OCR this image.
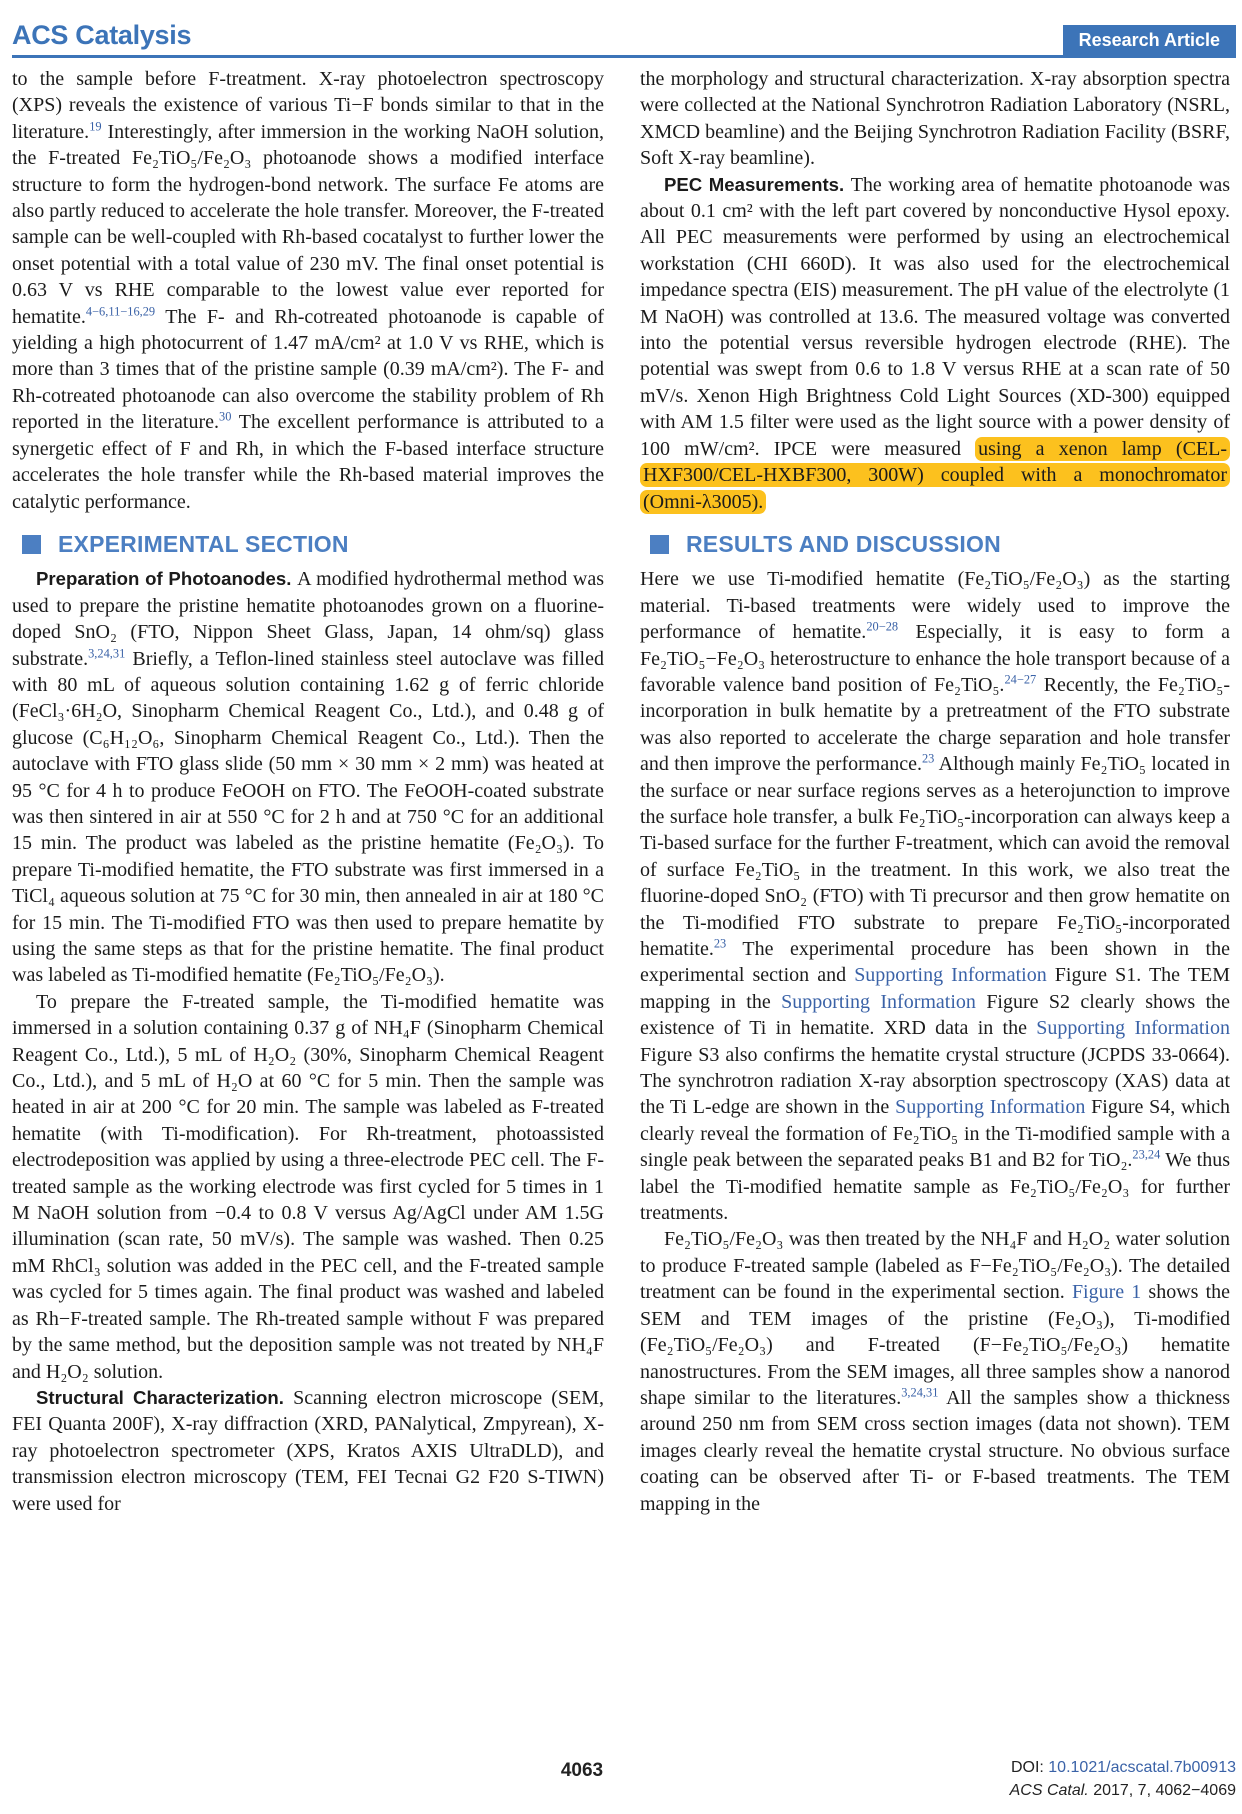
ACS Catalysis	Research Article

to the sample before F-treatment. X-ray photoelectron spectroscopy (XPS) reveals the existence of various Ti−F bonds similar to that in the literature.$^{19}$ Interestingly, after immersion in the working NaOH solution, the F-treated Fe₂TiO₅/Fe₂O₃ photoanode shows a modified interface structure to form the hydrogen-bond network. The surface Fe atoms are also partly reduced to accelerate the hole transfer. Moreover, the F-treated sample can be well-coupled with Rh-based cocatalyst to further lower the onset potential with a total value of 230 mV. The final onset potential is 0.63 V vs RHE comparable to the lowest value ever reported for hematite.$^{4-6,11-16,29}$ The F- and Rh-cotreated photoanode is capable of yielding a high photocurrent of 1.47 mA/cm² at 1.0 V vs RHE, which is more than 3 times that of the pristine sample (0.39 mA/cm²). The F- and Rh-cotreated photoanode can also overcome the stability problem of Rh reported in the literature.$^{30}$ The excellent performance is attributed to a synergetic effect of F and Rh, in which the F-based interface structure accelerates the hole transfer while the Rh-based material improves the catalytic performance.

EXPERIMENTAL SECTION

Preparation of Photoanodes. A modified hydrothermal method was used to prepare the pristine hematite photoanodes grown on a fluorine-doped SnO₂ (FTO, Nippon Sheet Glass, Japan, 14 ohm/sq) glass substrate.$^{3,24,31}$ Briefly, a Teflon-lined stainless steel autoclave was filled with 80 mL of aqueous solution containing 1.62 g of ferric chloride (FeCl₃·6H₂O, Sinopharm Chemical Reagent Co., Ltd.), and 0.48 g of glucose (C₆H₁₂O₆, Sinopharm Chemical Reagent Co., Ltd.). Then the autoclave with FTO glass slide (50 mm × 30 mm × 2 mm) was heated at 95 °C for 4 h to produce FeOOH on FTO. The FeOOH-coated substrate was then sintered in air at 550 °C for 2 h and at 750 °C for an additional 15 min. The product was labeled as the pristine hematite (Fe₂O₃). To prepare Ti-modified hematite, the FTO substrate was first immersed in a TiCl₄ aqueous solution at 75 °C for 30 min, then annealed in air at 180 °C for 15 min. The Ti-modified FTO was then used to prepare hematite by using the same steps as that for the pristine hematite. The final product was labeled as Ti-modified hematite (Fe₂TiO₅/Fe₂O₃).

To prepare the F-treated sample, the Ti-modified hematite was immersed in a solution containing 0.37 g of NH₄F (Sinopharm Chemical Reagent Co., Ltd.), 5 mL of H₂O₂ (30%, Sinopharm Chemical Reagent Co., Ltd.), and 5 mL of H₂O at 60 °C for 5 min. Then the sample was heated in air at 200 °C for 20 min. The sample was labeled as F-treated hematite (with Ti-modification). For Rh-treatment, photoassisted electrodeposition was applied by using a three-electrode PEC cell. The F-treated sample as the working electrode was first cycled for 5 times in 1 M NaOH solution from −0.4 to 0.8 V versus Ag/AgCl under AM 1.5G illumination (scan rate, 50 mV/s). The sample was washed. Then 0.25 mM RhCl₃ solution was added in the PEC cell, and the F-treated sample was cycled for 5 times again. The final product was washed and labeled as Rh−F-treated sample. The Rh-treated sample without F was prepared by the same method, but the deposition sample was not treated by NH₄F and H₂O₂ solution.

Structural Characterization. Scanning electron microscope (SEM, FEI Quanta 200F), X-ray diffraction (XRD, PANalytical, Zmpyrean), X-ray photoelectron spectrometer (XPS, Kratos AXIS UltraDLD), and transmission electron microscopy (TEM, FEI Tecnai G2 F20 S-TIWN) were used for

the morphology and structural characterization. X-ray absorption spectra were collected at the National Synchrotron Radiation Laboratory (NSRL, XMCD beamline) and the Beijing Synchrotron Radiation Facility (BSRF, Soft X-ray beamline).

PEC Measurements. The working area of hematite photoanode was about 0.1 cm² with the left part covered by nonconductive Hysol epoxy. All PEC measurements were performed by using an electrochemical workstation (CHI 660D). It was also used for the electrochemical impedance spectra (EIS) measurement. The pH value of the electrolyte (1 M NaOH) was controlled at 13.6. The measured voltage was converted into the potential versus reversible hydrogen electrode (RHE). The potential was swept from 0.6 to 1.8 V versus RHE at a scan rate of 50 mV/s. Xenon High Brightness Cold Light Sources (XD-300) equipped with AM 1.5 filter were used as the light source with a power density of 100 mW/cm². IPCE were measured using a xenon lamp (CEL-HXF300/CEL-HXBF300, 300W) coupled with a monochromator (Omni-λ3005).

RESULTS AND DISCUSSION

Here we use Ti-modified hematite (Fe₂TiO₅/Fe₂O₃) as the starting material. Ti-based treatments were widely used to improve the performance of hematite.$^{20-28}$ Especially, it is easy to form a Fe₂TiO₅−Fe₂O₃ heterostructure to enhance the hole transport because of a favorable valence band position of Fe₂TiO₅.$^{24-27}$ Recently, the Fe₂TiO₅-incorporation in bulk hematite by a pretreatment of the FTO substrate was also reported to accelerate the charge separation and hole transfer and then improve the performance.$^{23}$ Although mainly Fe₂TiO₅ located in the surface or near surface regions serves as a heterojunction to improve the surface hole transfer, a bulk Fe₂TiO₅-incorporation can always keep a Ti-based surface for the further F-treatment, which can avoid the removal of surface Fe₂TiO₅ in the treatment. In this work, we also treat the fluorine-doped SnO₂ (FTO) with Ti precursor and then grow hematite on the Ti-modified FTO substrate to prepare Fe₂TiO₅-incorporated hematite.$^{23}$ The experimental procedure has been shown in the experimental section and Supporting Information Figure S1. The TEM mapping in the Supporting Information Figure S2 clearly shows the existence of Ti in hematite. XRD data in the Supporting Information Figure S3 also confirms the hematite crystal structure (JCPDS 33-0664). The synchrotron radiation X-ray absorption spectroscopy (XAS) data at the Ti L-edge are shown in the Supporting Information Figure S4, which clearly reveal the formation of Fe₂TiO₅ in the Ti-modified sample with a single peak between the separated peaks B1 and B2 for TiO₂.$^{23,24}$ We thus label the Ti-modified hematite sample as Fe₂TiO₅/Fe₂O₃ for further treatments.

Fe₂TiO₅/Fe₂O₃ was then treated by the NH₄F and H₂O₂ water solution to produce F-treated sample (labeled as F−Fe₂TiO₅/Fe₂O₃). The detailed treatment can be found in the experimental section. Figure 1 shows the SEM and TEM images of the pristine (Fe₂O₃), Ti-modified (Fe₂TiO₅/Fe₂O₃) and F-treated (F−Fe₂TiO₅/Fe₂O₃) hematite nanostructures. From the SEM images, all three samples show a nanorod shape similar to the literatures.$^{3,24,31}$ All the samples show a thickness around 250 nm from SEM cross section images (data not shown). TEM images clearly reveal the hematite crystal structure. No obvious surface coating can be observed after Ti- or F-based treatments. The TEM mapping in the

4063	DOI: 10.1021/acscatal.7b00913
ACS Catal. 2017, 7, 4062−4069
